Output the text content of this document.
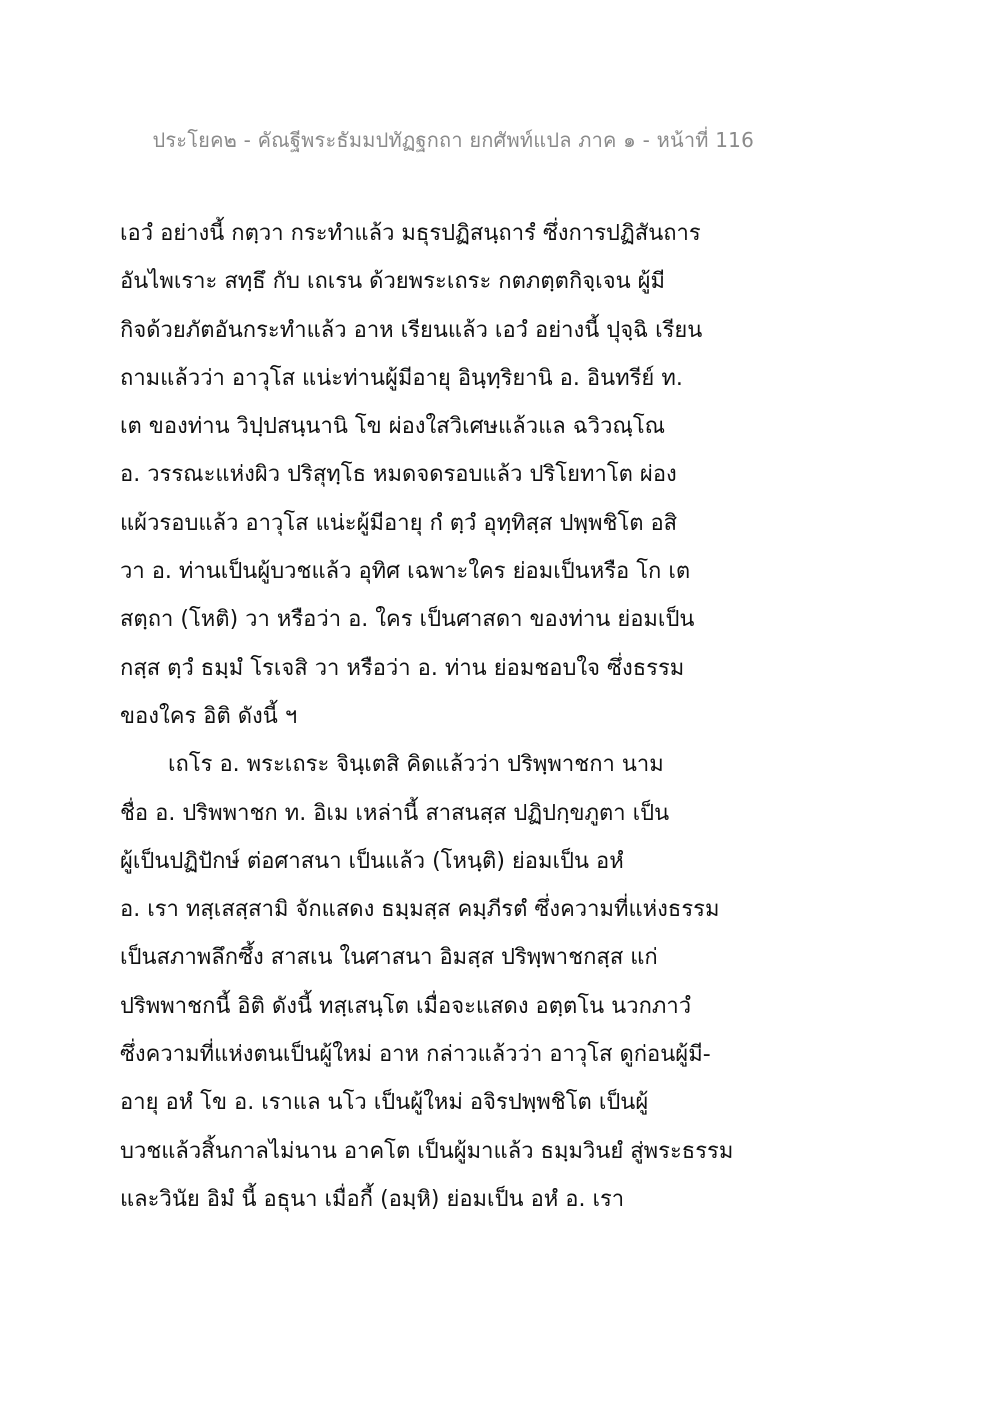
ประโยค๒ - คัณฐีพระธัมมปทัฏฐกถา ยกศัพท์แปล ภาค ๑ - หน้าที่ 116
เอวํ อย่างนี้ กตฺวา กระทำแล้ว มธุรปฏิสนฺถารํ ซึ่งการปฏิสันถาร
อันไพเราะ สทฺธึ กับ เถเรน ด้วยพระเถระ กตภตฺตกิจฺเจน ผู้มี
กิจด้วยภัตอันกระทำแล้ว อาห เรียนแล้ว เอวํ อย่างนี้ ปุจฺฉิ เรียน
ถามแล้วว่า อาวุโส แน่ะท่านผู้มีอายุ อินฺทฺริยานิ อ. อินทรีย์ ท.
เต ของท่าน วิปฺปสนฺนานิ โข ผ่องใสวิเศษแล้วแล ฉวิวณฺโณ
อ. วรรณะแห่งผิว ปริสุทฺโธ หมดจดรอบแล้ว ปริโยทาโต ผ่อง
แผ้วรอบแล้ว อาวุโส แน่ะผู้มีอายุ กํ ตฺวํ อุทฺทิสฺส ปพฺพชิโต อสิ
วา อ. ท่านเป็นผู้บวชแล้ว อุทิศ เฉพาะใคร ย่อมเป็นหรือ โก เต
สตฺถา (โหติ) วา หรือว่า อ. ใคร เป็นศาสดา ของท่าน ย่อมเป็น
กสฺส ตฺวํ ธมฺมํ โรเจสิ วา หรือว่า อ. ท่าน ย่อมชอบใจ ซึ่งธรรม
ของใคร อิติ ดังนี้ ฯ
เถโร อ. พระเถระ จินฺเตสิ คิดแล้วว่า ปริพฺพาชกา นาม
ชื่อ อ. ปริพพาชก ท. อิเม เหล่านี้ สาสนสฺส ปฏิปกฺขภูตา เป็น
ผู้เป็นปฏิปักษ์ ต่อศาสนา เป็นแล้ว (โหนฺติ) ย่อมเป็น อหํ
อ. เรา ทสฺเสสฺสามิ จักแสดง ธมฺมสฺส คมฺภีรตํ ซึ่งความที่แห่งธรรม
เป็นสภาพลึกซึ้ง สาสเน ในศาสนา อิมสฺส ปริพฺพาชกสฺส แก่
ปริพพาชกนี้ อิติ ดังนี้ ทสฺเสนฺโต เมื่อจะแสดง อตฺตโน นวกภาวํ
ซึ่งความที่แห่งตนเป็นผู้ใหม่ อาห กล่าวแล้วว่า อาวุโส ดูก่อนผู้มี-
อายุ อหํ โข อ. เราแล นโว เป็นผู้ใหม่ อจิรปพฺพชิโต เป็นผู้
บวชแล้วสิ้นกาลไม่นาน อาคโต เป็นผู้มาแล้ว ธมฺมวินยํ สู่พระธรรม
และวินัย อิมํ นี้ อธุนา เมื่อกี้ (อมฺหิ) ย่อมเป็น อหํ อ. เรา
